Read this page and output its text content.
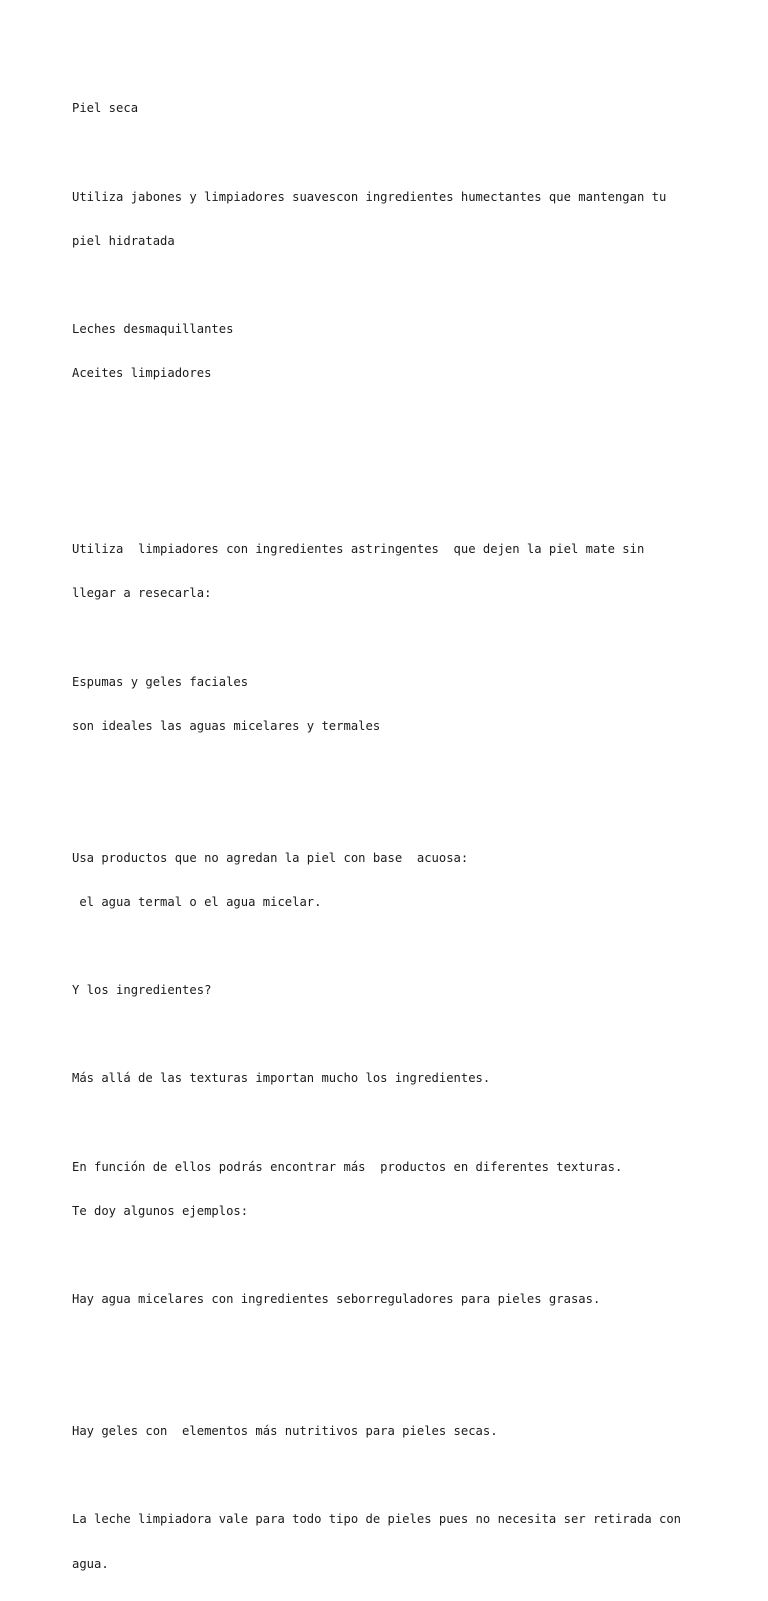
Piel seca

Utiliza jabones y limpiadores suavescon ingredientes humectantes que mantengan tu

piel hidratada

Leches desmaquillantes

Aceites limpiadores

Utiliza  limpiadores con ingredientes astringentes  que dejen la piel mate sin

llegar a resecarla:

Espumas y geles faciales

son ideales las aguas micelares y termales

Usa productos que no agredan la piel con base  acuosa:

el agua termal o el agua micelar.

Y los ingredientes?

Más allá de las texturas importan mucho los ingredientes.

En función de ellos podrás encontrar más  productos en diferentes texturas.

Te doy algunos ejemplos:

Hay agua micelares con ingredientes seborreguladores para pieles grasas.

Hay geles con  elementos más nutritivos para pieles secas.

La leche limpiadora vale para todo tipo de pieles pues no necesita ser retirada con

agua.
